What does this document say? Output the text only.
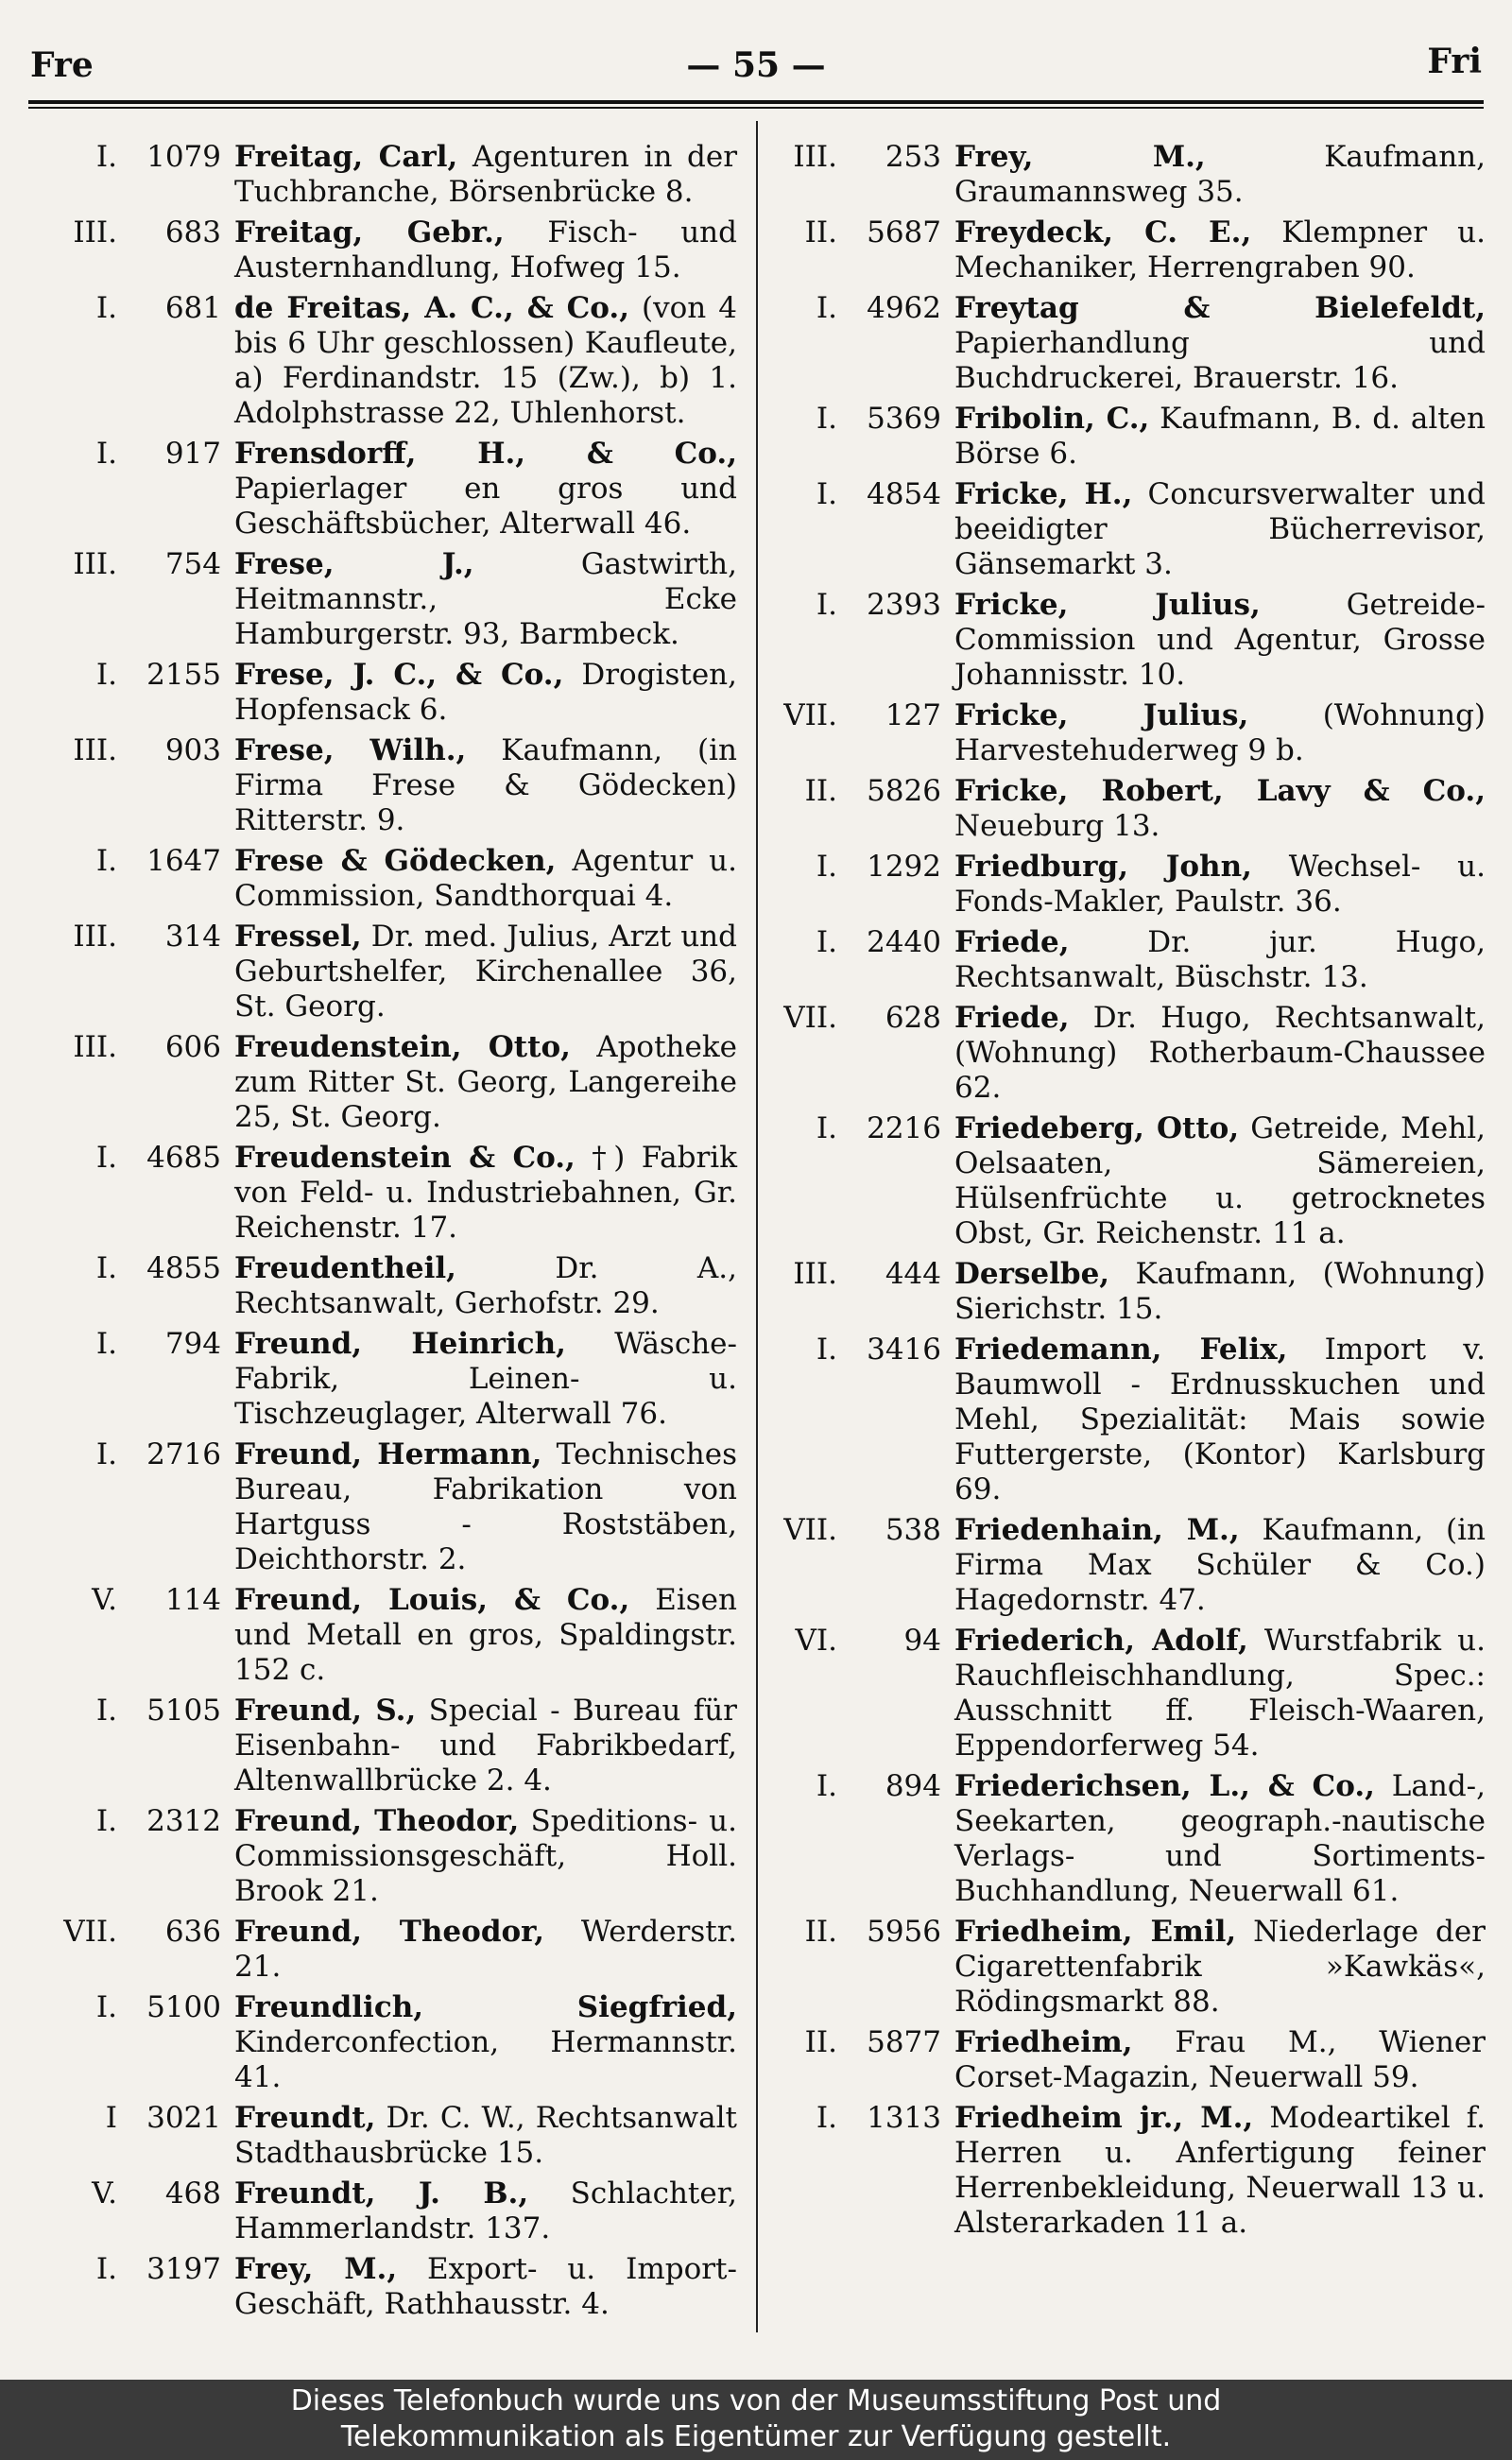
Fre	— 55 —	Fri
I.	1079 Freitag, Carl, Agenturen in der Tuchbranche, Börsenbrücke 8.
III.	683 Freitag, Gebr., Fisch- und Austernhandlung, Hofweg 15.
I.	681 de Freitas, A. C., & Co., (von 4 bis 6 Uhr geschlossen) Kaufleute, a) Ferdinandstr. 15 (Zw.), b) 1. Adolphstrasse 22, Uhlenhorst.
I.	917 Frensdorff, H., & Co., Papierlager en gros und Geschäftsbücher, Alterwall 46.
III.	754 Frese, J., Gastwirth, Heitmannstr., Ecke Hamburgerstr. 93, Barmbeck.
I.	2155 Frese, J. C., & Co., Drogisten, Hopfensack 6.
III.	903 Frese, Wilh., Kaufmann, (in Firma Frese & Gödecken) Ritterstr. 9.
I.	1647 Frese & Gödecken, Agentur u. Commission, Sandthorquai 4.
III.	314 Fressel, Dr. med. Julius, Arzt und Geburtshelfer, Kirchenallee 36, St. Georg.
III.	606 Freudenstein, Otto, Apotheke zum Ritter St. Georg, Langereihe 25, St. Georg.
I.	4685 Freudenstein & Co., †) Fabrik von Feld- u. Industriebahnen, Gr. Reichenstr. 17.
I.	4855 Freudentheil, Dr. A., Rechtsanwalt, Gerhofstr. 29.
I.	794 Freund, Heinrich, Wäsche-Fabrik, Leinen- u. Tischzeuglager, Alterwall 76.
I.	2716 Freund, Hermann, Technisches Bureau, Fabrikation von Hartguss - Roststäben, Deichthorstr. 2.
V.	114 Freund, Louis, & Co., Eisen und Metall en gros, Spaldingstr. 152 c.
I.	5105 Freund, S., Special - Bureau für Eisenbahn- und Fabrikbedarf, Altenwallbrücke 2. 4.
I.	2312 Freund, Theodor, Speditions- u. Commissionsgeschäft, Holl. Brook 21.
VII.	636 Freund, Theodor, Werderstr. 21.
I.	5100 Freundlich, Siegfried, Kinderconfection, Hermannstr. 41.
I	3021 Freundt, Dr. C. W., Rechtsanwalt Stadthausbrücke 15.
V.	468 Freundt, J. B., Schlachter, Hammerlandstr. 137.
I.	3197 Frey, M., Export- u. Import-Geschäft, Rathhausstr. 4.
III.	253 Frey, M., Kaufmann, Graumannsweg 35.
II.	5687 Freydeck, C. E., Klempner u. Mechaniker, Herrengraben 90.
I.	4962 Freytag & Bielefeldt, Papierhandlung und Buchdruckerei, Brauerstr. 16.
I.	5369 Fribolin, C., Kaufmann, B. d. alten Börse 6.
I.	4854 Fricke, H., Concursverwalter und beeidigter Bücherrevisor, Gänsemarkt 3.
I.	2393 Fricke, Julius, Getreide-Commission und Agentur, Grosse Johannisstr. 10.
VII.	127 Fricke, Julius, (Wohnung) Harvestehuderweg 9 b.
II.	5826 Fricke, Robert, Lavy & Co., Neueburg 13.
I.	1292 Friedburg, John, Wechsel- u. Fonds-Makler, Paulstr. 36.
I.	2440 Friede, Dr. jur. Hugo, Rechtsanwalt, Büschstr. 13.
VII.	628 Friede, Dr. Hugo, Rechtsanwalt, (Wohnung) Rotherbaum-Chaussee 62.
I.	2216 Friedeberg, Otto, Getreide, Mehl, Oelsaaten, Sämereien, Hülsenfrüchte u. getrocknetes Obst, Gr. Reichenstr. 11 a.
III.	444 Derselbe, Kaufmann, (Wohnung) Sierichstr. 15.
I.	3416 Friedemann, Felix, Import v. Baumwoll - Erdnusskuchen und Mehl, Spezialität: Mais sowie Futtergerste, (Kontor) Karlsburg 69.
VII.	538 Friedenhain, M., Kaufmann, (in Firma Max Schüler & Co.) Hagedornstr. 47.
VI.	94 Friederich, Adolf, Wurstfabrik u. Rauchfleischhandlung, Spec.: Ausschnitt ff. Fleisch-Waaren, Eppendorferweg 54.
I.	894 Friederichsen, L., & Co., Land-, Seekarten, geograph.-nautische Verlags- und Sortiments-Buchhandlung, Neuerwall 61.
II.	5956 Friedheim, Emil, Niederlage der Cigarettenfabrik »Kawkäs«, Rödingsmarkt 88.
II.	5877 Friedheim, Frau M., Wiener Corset-Magazin, Neuerwall 59.
I.	1313 Friedheim jr., M., Modeartikel f. Herren u. Anfertigung feiner Herrenbekleidung, Neuerwall 13 u. Alsterarkaden 11 a.
Dieses Telefonbuch wurde uns von der Museumsstiftung Post und
Telekommunikation als Eigentümer zur Verfügung gestellt.
